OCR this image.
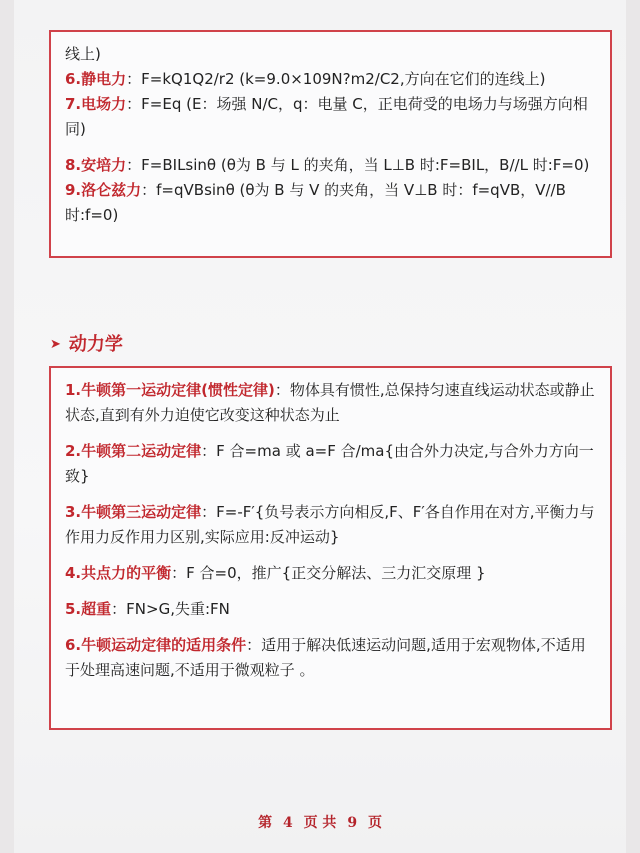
线上)

6.静电力：F=kQ1Q2/r2 (k=9.0×109N?m2/C2,方向在它们的连线上)

7.电场力：F=Eq (E：场强 N/C，q：电量 C，正电荷受的电场力与场强方向相同)

8.安培力：F=BILsinθ (θ为 B 与 L 的夹角，当 L⊥B 时:F=BIL，B//L 时:F=0)

9.洛仑兹力：f=qVBsinθ (θ为 B 与 V 的夹角，当 V⊥B 时：f=qVB，V//B 时:f=0)

➤ 动力学

1.牛顿第一运动定律(惯性定律)：物体具有惯性,总保持匀速直线运动状态或静止状态,直到有外力迫使它改变这种状态为止

2.牛顿第二运动定律：F 合=ma 或 a=F 合/ma{由合外力决定,与合外力方向一致}

3.牛顿第三运动定律：F=-F′{负号表示方向相反,F、F′各自作用在对方,平衡力与作用力反作用力区别,实际应用:反冲运动}

4.共点力的平衡：F 合=0，推广{正交分解法、三力汇交原理 }

5.超重：FN>G,失重:FN

6.牛顿运动定律的适用条件：适用于解决低速运动问题,适用于宏观物体,不适用于处理高速问题,不适用于微观粒子 。

第 4 页 共 9 页
